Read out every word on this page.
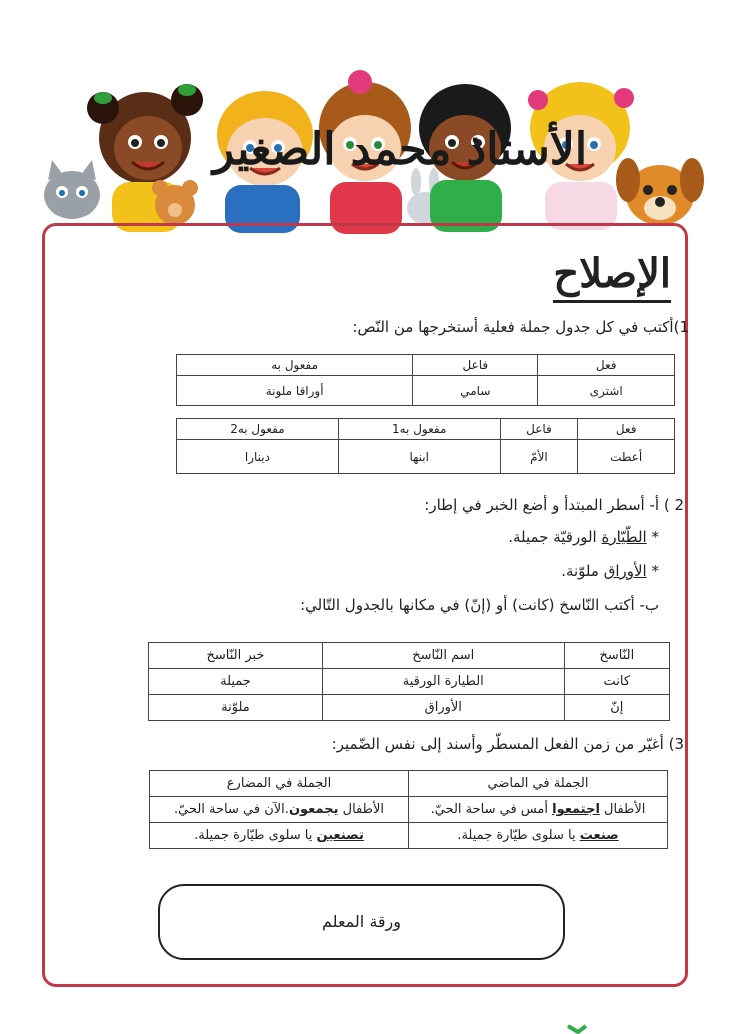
الأستاذ محمد الصغير
الإصلاح
1)أكتب في كل جدول جملة فعلية أستخرجها من النّص:
فعل	فاعل	مفعول به
اشترى	سامي	أوراقا ملونة
فعل	فاعل	مفعول به1	مفعول به2
أعطت	الأمّ	ابنها	دينارا
2 ) أ- أسطر المبتدأ و أضع الخبر في إطار:
* الطّيّارة الورقيّة جميلة.
* الأوراق ملوّنة.
ب- أكتب النّاسخ (كانت) أو (إنّ) في مكانها بالجدول التّالي:
النّاسخ	اسم النّاسخ	خبر النّاسخ
كانت	الطيارة الورقية	جميلة
إنّ	الأوراق	ملوّنة
3) أغيّر من زمن الفعل المسطّر وأسند إلى نفس الضّمير:
الجملة في الماضي	الجملة في المضارع
الأطفال اجتمعوا أمس في ساحة الحيّ.	الأطفال يجمعون.الآن في ساحة الحيّ.
صنعت يا سلوى طيّارة جميلة.	تصنعين يا سلوى طيّارة جميلة.
ورقة المعلم
